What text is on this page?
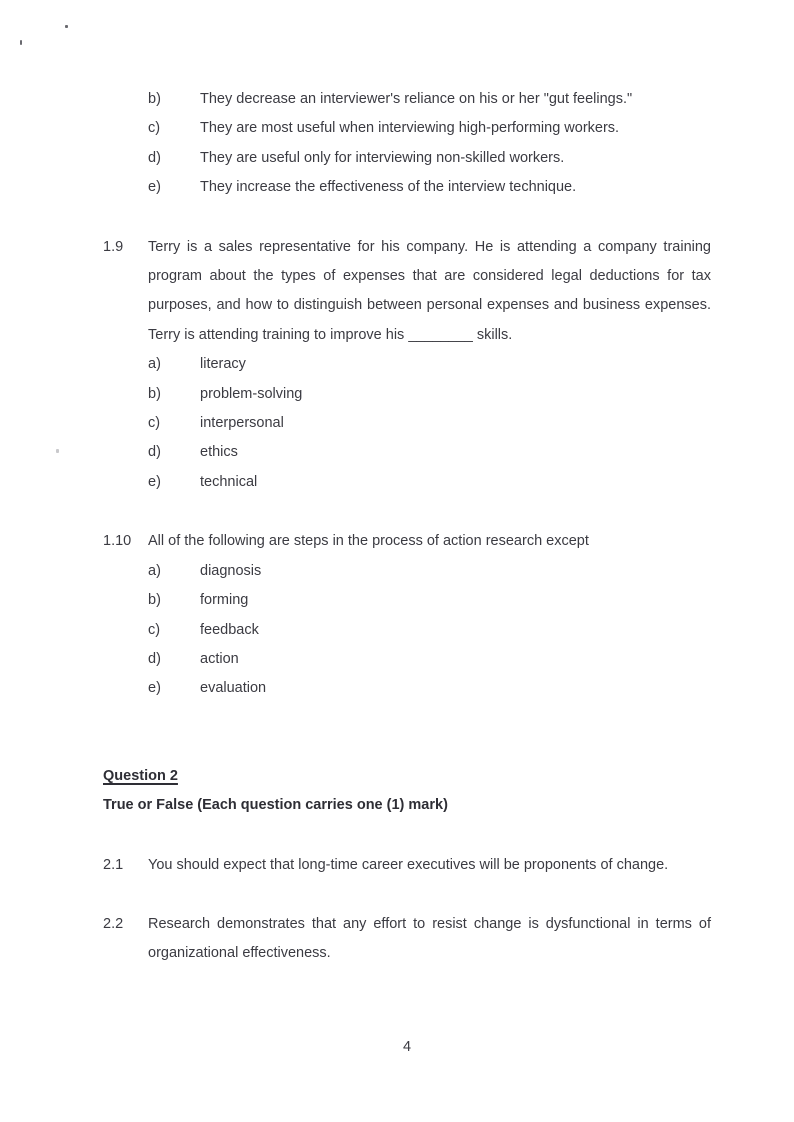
b)	They decrease an interviewer's reliance on his or her "gut feelings."
c)	They are most useful when interviewing high-performing workers.
d)	They are useful only for interviewing non-skilled workers.
e)	They increase the effectiveness of the interview technique.
1.9	Terry is a sales representative for his company. He is attending a company training program about the types of expenses that are considered legal deductions for tax purposes, and how to distinguish between personal expenses and business expenses. Terry is attending training to improve his ________ skills.
a)	literacy
b)	problem-solving
c)	interpersonal
d)	ethics
e)	technical
1.10	All of the following are steps in the process of action research except
a)	diagnosis
b)	forming
c)	feedback
d)	action
e)	evaluation
Question 2
True or False (Each question carries one (1) mark)
2.1	You should expect that long-time career executives will be proponents of change.
2.2	Research demonstrates that any effort to resist change is dysfunctional in terms of organizational effectiveness.
4
